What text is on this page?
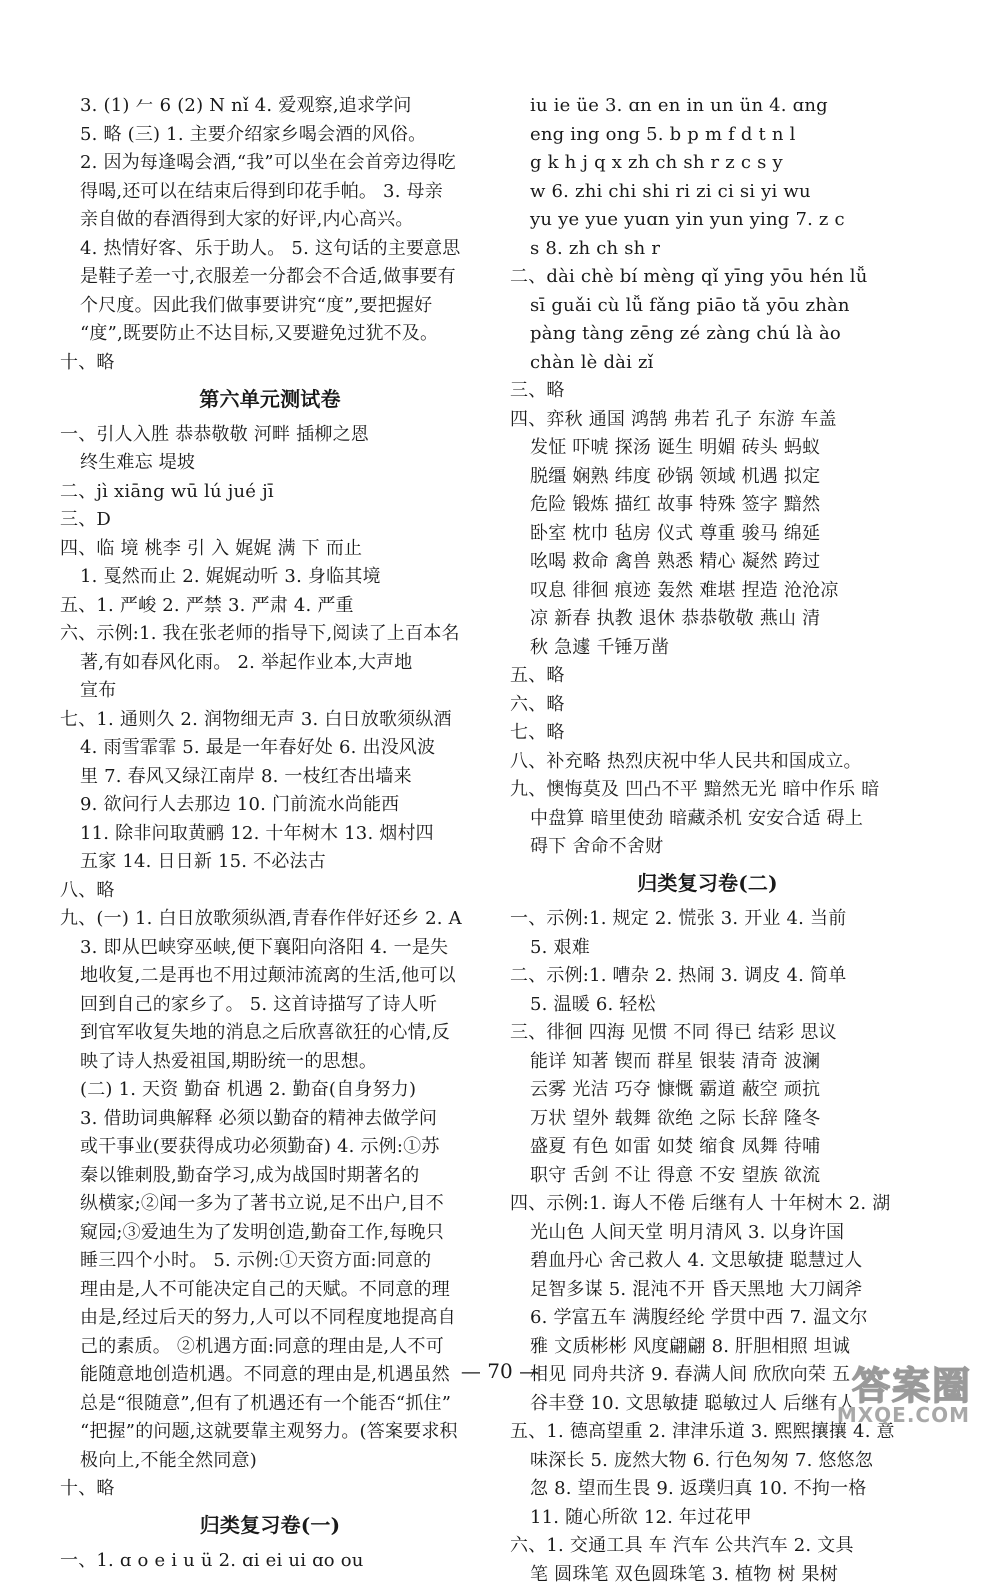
3. (1) 𠂉 6 (2) N nǐ 4. 爱观察,追求学问
5. 略 (三) 1. 主要介绍家乡喝会酒的风俗。
2. 因为每逢喝会酒,“我”可以坐在会首旁边得吃
得喝,还可以在结束后得到印花手帕。 3. 母亲
亲自做的春酒得到大家的好评,内心高兴。
4. 热情好客、乐于助人。 5. 这句话的主要意思
是鞋子差一寸,衣服差一分都会不合适,做事要有
个尺度。因此我们做事要讲究“度”,要把握好
“度”,既要防止不达目标,又要避免过犹不及。
十、略
第六单元测试卷
一、引人入胜 恭恭敬敬 河畔 插柳之恩
终生难忘 堤坡
二、jì xiāng wū lú jué jī
三、D
四、临 境 桃李 引 入 娓娓 满 下 而止
1. 戛然而止 2. 娓娓动听 3. 身临其境
五、1. 严峻 2. 严禁 3. 严肃 4. 严重
六、示例:1. 我在张老师的指导下,阅读了上百本名
著,有如春风化雨。 2. 举起作业本,大声地
宣布
七、1. 通则久 2. 润物细无声 3. 白日放歌须纵酒
4. 雨雪霏霏 5. 最是一年春好处 6. 出没风波
里 7. 春风又绿江南岸 8. 一枝红杏出墙来
9. 欲问行人去那边 10. 门前流水尚能西
11. 除非问取黄鹂 12. 十年树木 13. 烟村四
五家 14. 日日新 15. 不必法古
八、略
九、(一) 1. 白日放歌须纵酒,青春作伴好还乡 2. A
3. 即从巴峡穿巫峡,便下襄阳向洛阳 4. 一是失
地收复,二是再也不用过颠沛流离的生活,他可以
回到自己的家乡了。 5. 这首诗描写了诗人听
到官军收复失地的消息之后欣喜欲狂的心情,反
映了诗人热爱祖国,期盼统一的思想。
(二) 1. 天资 勤奋 机遇 2. 勤奋(自身努力)
3. 借助词典解释 必须以勤奋的精神去做学问
或干事业(要获得成功必须勤奋) 4. 示例:①苏
秦以锥刺股,勤奋学习,成为战国时期著名的
纵横家;②闻一多为了著书立说,足不出户,目不
窥园;③爱迪生为了发明创造,勤奋工作,每晚只
睡三四个小时。 5. 示例:①天资方面:同意的
理由是,人不可能决定自己的天赋。不同意的理
由是,经过后天的努力,人可以不同程度地提高自
己的素质。 ②机遇方面:同意的理由是,人不可
能随意地创造机遇。不同意的理由是,机遇虽然
总是“很随意”,但有了机遇还有一个能否“抓住”
“把握”的问题,这就要靠主观努力。(答案要求积
极向上,不能全然同意)
十、略
归类复习卷(一)
一、1. ɑ o e i u ü 2. ɑi ei ui ɑo ou
iu ie üe 3. ɑn en in un ün 4. ɑng
eng ing ong 5. b p m f d t n l
g k h j q x zh ch sh r z c s y
w 6. zhi chi shi ri zi ci si yi wu
yu ye yue yuɑn yin yun ying 7. z c
s 8. zh ch sh r
二、dài chè bí mèng qǐ yīng yōu hén lǚ
sī guǎi cù lǚ fǎng piāo tǎ yōu zhàn
pàng tàng zēng zé zàng chú là ào
chàn lè dài zǐ
三、略
四、弈秋 通国 鸿鹄 弗若 孔子 东游 车盖
发怔 吓唬 探汤 诞生 明媚 砖头 蚂蚁
脱缰 娴熟 纬度 砂锅 领域 机遇 拟定
危险 锻炼 描红 故事 特殊 签字 黯然
卧室 枕巾 毡房 仪式 尊重 骏马 绵延
吆喝 救命 禽兽 熟悉 精心 凝然 跨过
叹息 徘徊 痕迹 轰然 难堪 捏造 沧沧凉
凉 新春 执教 退休 恭恭敬敬 燕山 清
秋 急遽 千锤万凿
五、略
六、略
七、略
八、补充略 热烈庆祝中华人民共和国成立。
九、懊悔莫及 凹凸不平 黯然无光 暗中作乐 暗
中盘算 暗里使劲 暗藏杀机 安安合适 碍上
碍下 舍命不舍财
归类复习卷(二)
一、示例:1. 规定 2. 慌张 3. 开业 4. 当前
5. 艰难
二、示例:1. 嘈杂 2. 热闹 3. 调皮 4. 简单
5. 温暖 6. 轻松
三、徘徊 四海 见惯 不同 得已 结彩 思议
能详 知著 锲而 群星 银装 清奇 波澜
云雾 光洁 巧夺 慷慨 霸道 蔽空 顽抗
万状 望外 载舞 欲绝 之际 长辞 隆冬
盛夏 有色 如雷 如焚 缩食 凤舞 待哺
职守 舌剑 不让 得意 不安 望族 欲流
四、示例:1. 诲人不倦 后继有人 十年树木 2. 湖
光山色 人间天堂 明月清风 3. 以身许国
碧血丹心 舍己救人 4. 文思敏捷 聪慧过人
足智多谋 5. 混沌不开 昏天黑地 大刀阔斧
6. 学富五车 满腹经纶 学贯中西 7. 温文尔
雅 文质彬彬 风度翩翩 8. 肝胆相照 坦诚
相见 同舟共济 9. 春满人间 欣欣向荣 五
谷丰登 10. 文思敏捷 聪敏过人 后继有人
五、1. 德高望重 2. 津津乐道 3. 熙熙攘攘 4. 意
味深长 5. 庞然大物 6. 行色匆匆 7. 悠悠忽
忽 8. 望而生畏 9. 返璞归真 10. 不拘一格
11. 随心所欲 12. 年过花甲
六、1. 交通工具 车 汽车 公共汽车 2. 文具
笔 圆珠笔 双色圆珠笔 3. 植物 树 果树
— 70 —	答案圈
MXQE.COM
